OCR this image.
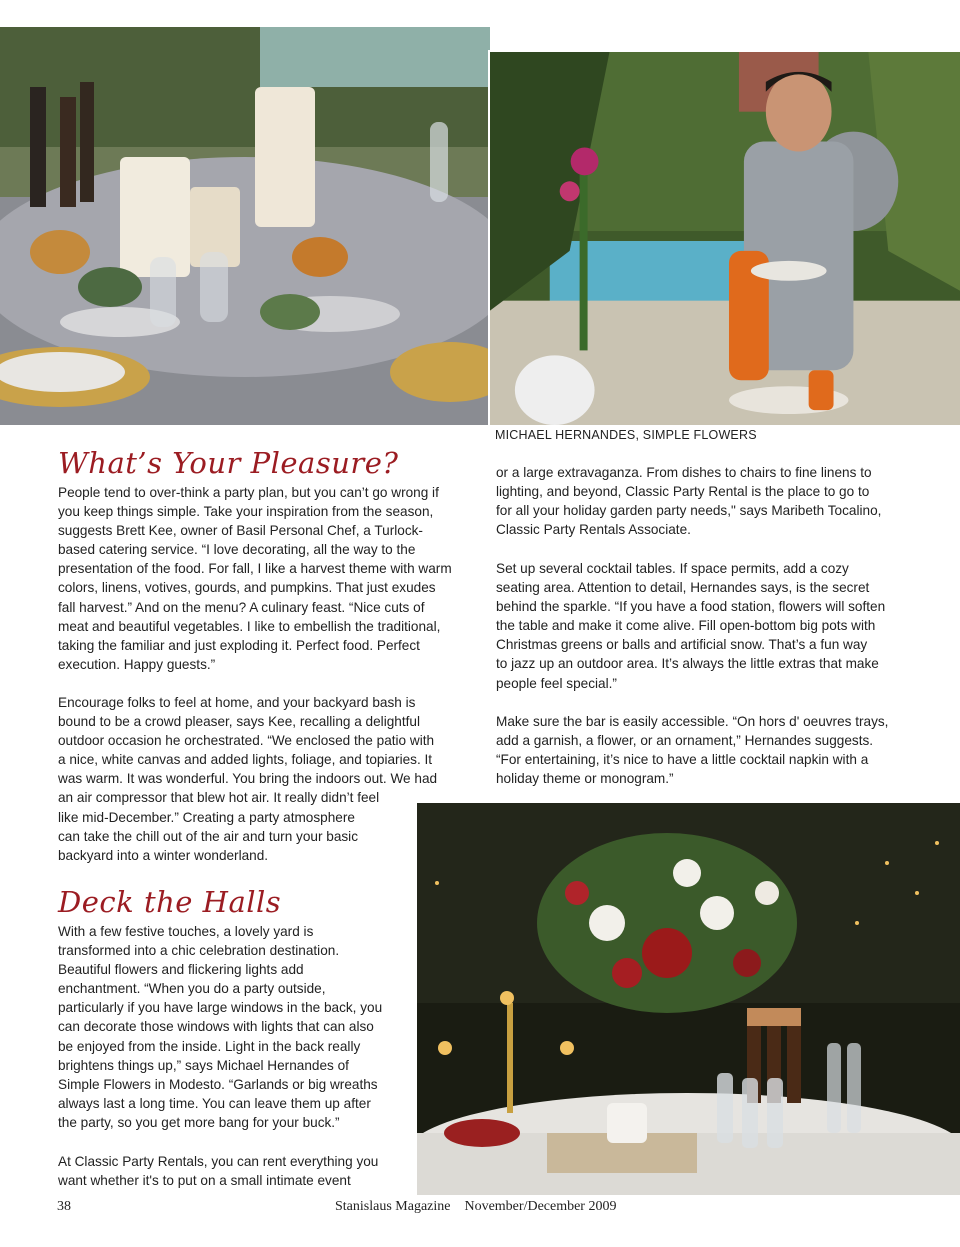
MICHAEL HERNANDES, SIMPLE FLOWERS
What’s Your Pleasure?
People tend to over-think a party plan, but you can’t go wrong if
you keep things simple. Take your inspiration from the season,
suggests Brett Kee, owner of Basil Personal Chef, a Turlock-
based catering service. “I love decorating, all the way to the
presentation of the food. For fall, I like a harvest theme with warm
colors, linens, votives, gourds, and pumpkins. That just exudes
fall harvest.” And on the menu? A culinary feast. “Nice cuts of
meat and beautiful vegetables. I like to embellish the traditional,
taking the familiar and just exploding it. Perfect food. Perfect
execution. Happy guests.”
Encourage folks to feel at home, and your backyard bash is
bound to be a crowd pleaser, says Kee, recalling a delightful
outdoor occasion he orchestrated. “We enclosed the patio with
a nice, white canvas and added lights, foliage, and topiaries. It
was warm. It was wonderful. You bring the indoors out. We had
an air compressor that blew hot air. It really didn’t feel
like mid-December.” Creating a party atmosphere
can take the chill out of the air and turn your basic
backyard into a winter wonderland.
Deck the Halls
With a few festive touches, a lovely yard is
transformed into a chic celebration destination.
Beautiful flowers and flickering lights add
enchantment. “When you do a party outside,
particularly if you have large windows in the back, you
can decorate those windows with lights that can also
be enjoyed from the inside. Light in the back really
brightens things up,” says Michael Hernandes of
Simple Flowers in Modesto. “Garlands or big wreaths
always last a long time. You can leave them up after
the party, so you get more bang for your buck.”
At Classic Party Rentals, you can rent everything you
want whether it's to put on a small intimate event
or a large extravaganza. From dishes to chairs to fine linens to
lighting, and beyond, Classic Party Rental is the place to go to
for all your holiday garden party needs," says Maribeth Tocalino,
Classic Party Rentals Associate.
Set up several cocktail tables. If space permits, add a cozy
seating area. Attention to detail, Hernandes says, is the secret
behind the sparkle. “If you have a food station, flowers will soften
the table and make it come alive. Fill open-bottom big pots with
Christmas greens or balls and artificial snow. That’s a fun way
to jazz up an outdoor area. It’s always the little extras that make
people feel special.”
Make sure the bar is easily accessible. “On hors d' oeuvres trays,
add a garnish, a flower, or an ornament,” Hernandes suggests.
“For entertaining, it’s nice to have a little cocktail napkin with a
holiday theme or monogram.”
38	Stanislaus Magazine    November/December 2009
